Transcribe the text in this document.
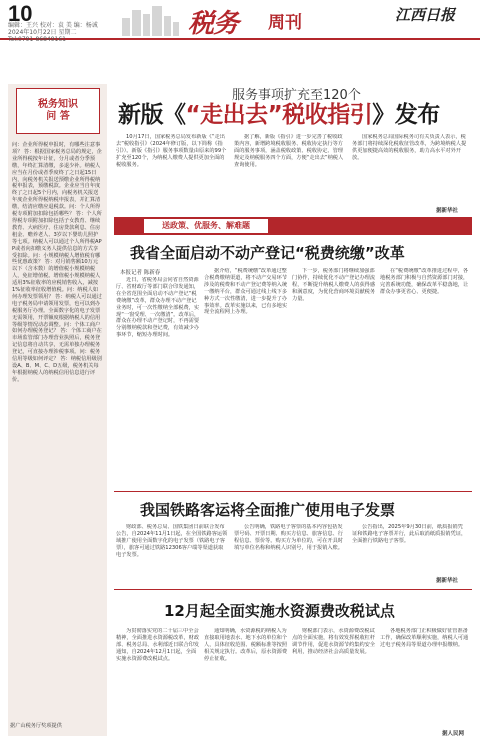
10
编辑：王兴 校对：袁 美 编：杨诚
2024年10月22日 星期二
Tel:0791-86849161
税务 周刊	江西日报
税务知识
问 答
问：企业所得税申报时，有哪些注意事项？ 答：根据国家税务总局的规定，企业所得税按年计征，分月或者分季预缴，年终汇算清缴，多退少补。纳税人应当在月份或者季度终了之日起15日内，向税务机关报送预缴企业所得税纳税申报表，预缴税款。企业应当自年度终了之日起5个月内，向税务机关报送年度企业所得税纳税申报表，并汇算清缴，结清应缴应退税款。问：个人所得税专项附加扣除包括哪些？ 答：个人所得税专项附加扣除包括子女教育、继续教育、大病医疗、住房贷款利息、住房租金、赡养老人、3岁以下婴幼儿照护等七项。纳税人可以通过个人所得税APP或者向扣缴义务人提供信息的方式享受扣除。问：小规模纳税人增值税有哪些优惠政策？ 答：对月销售额10万元以下（含本数）的增值税小规模纳税人，免征增值税。增值税小规模纳税人适用3%征收率的应税销售收入，减按1%征收率征收增值税。问：纳税人如何办理发票领用？ 答：纳税人可以通过电子税务局申请领用发票，也可以到办税服务厅办理。全面数字化的电子发票无需领用，开票额度根据纳税人的信用等级等情况动态调整。问：个体工商户如何办理税务登记？ 答：个体工商户在市场监管部门办理营业执照后，税务登记信息将自动共享，无需单独办理税务登记，可直接办理涉税事项。问：税务信用等级如何评定？ 答：纳税信用级别设A、B、M、C、D五级，税务机关每年根据纳税人的纳税信用信息进行评价。
据广山税务厅奖项提供
服务事项扩充至120个
新版《“走出去”税收指引》发布
10月17日，国家税务总局发布新版《“走出去”税收指引》（2024年修订版，以下简称《指引》）。新版《指引》服务事项数量由原来的99个扩充至120个，为纳税人缴费人提供更加全面的税收服务。
据了解，新版《指引》进一步完善了税收政策内容，新增跨境税收服务、税收协定执行等方面的服务事项，涵盖税收政策、税收协定、管理规定及纳税服务四个方面，方便“走出去”纳税人查询使用。
国家税务总局国际税务司有关负责人表示，税务部门将持续深化税收征管改革，为跨境纳税人提供更加便捷高效的税收服务，助力高水平对外开放。
据新华社
送政策、优服务、解难题
我省全面启动不动产登记“税费统缴”改革
本报记者 陈新春
近日，省税务局会同省自然资源厅、省财政厅等部门联合印发通知，在全省范围全面启动不动产登记“税费统缴”改革，群众办理不动产登记业务时，可一次性缴纳全部税费，实现“一窗受理、一次缴清”。改革后，群众在办理不动产登记时，不再需要分别缴纳税款和登记费，有效减少办事环节，缩短办理时间。
据介绍，“税费统缴”改革通过整合税费缴纳渠道，将不动产交易环节涉及的税费和不动产登记费等纳入统一缴纳平台，群众可通过线上线下多种方式一次性缴清，进一步提升了办事效率。改革实施以来，已有多地实现全流程网上办理。
下一步，税务部门将继续加强部门协作，持续优化不动产登记办理流程，不断提升纳税人缴费人的获得感和满意度，为优化营商环境贡献税务力量。
在“税费统缴”改革推进过程中，各地税务部门积极与自然资源部门对接，完善系统功能，确保改革平稳落地，让群众办事更省心、更便捷。
我国铁路客运将全面推广使用电子发票
财政部、税务总局、国铁集团日前联合发布公告，自2024年11月1日起，在全国铁路客运领域推广使用全面数字化的电子发票（铁路电子客票），旅客可通过铁路12306客户端等渠道获取电子发票。
公告明确，铁路电子客票的基本内容包括发票号码、开票日期、购买方信息、旅客信息、行程信息、票价等。购买方为单位的，可在开具时填写单位名称和纳税人识别号，用于报销入账。
公告指出，2025年9月30日前，纸质报销凭证和铁路电子客票并行，此后取消纸质报销凭证，全面推行铁路电子客票。
据新华社
12月起全面实施水资源费改税试点
为贯彻落实党的二十届三中全会精神，全面推进水资源税改革，财政部、税务总局、水利部近日联合印发通知，自2024年12月1日起，全面实施水资源费改税试点。
通知明确，水资源税的纳税人为直接取用地表水、地下水的单位和个人，具体征收范围、税额标准等按照相关规定执行。改革后，原水资源费停止征收。
财税部门表示，水资源费改税试点的全面实施，将有效发挥税收杠杆调节作用，促进水资源节约集约安全利用，推动经济社会高质量发展。
各地税务部门正积极做好征管准备工作，确保改革顺利实施，纳税人可通过电子税务局等渠道办理申报缴纳。
据人民网
